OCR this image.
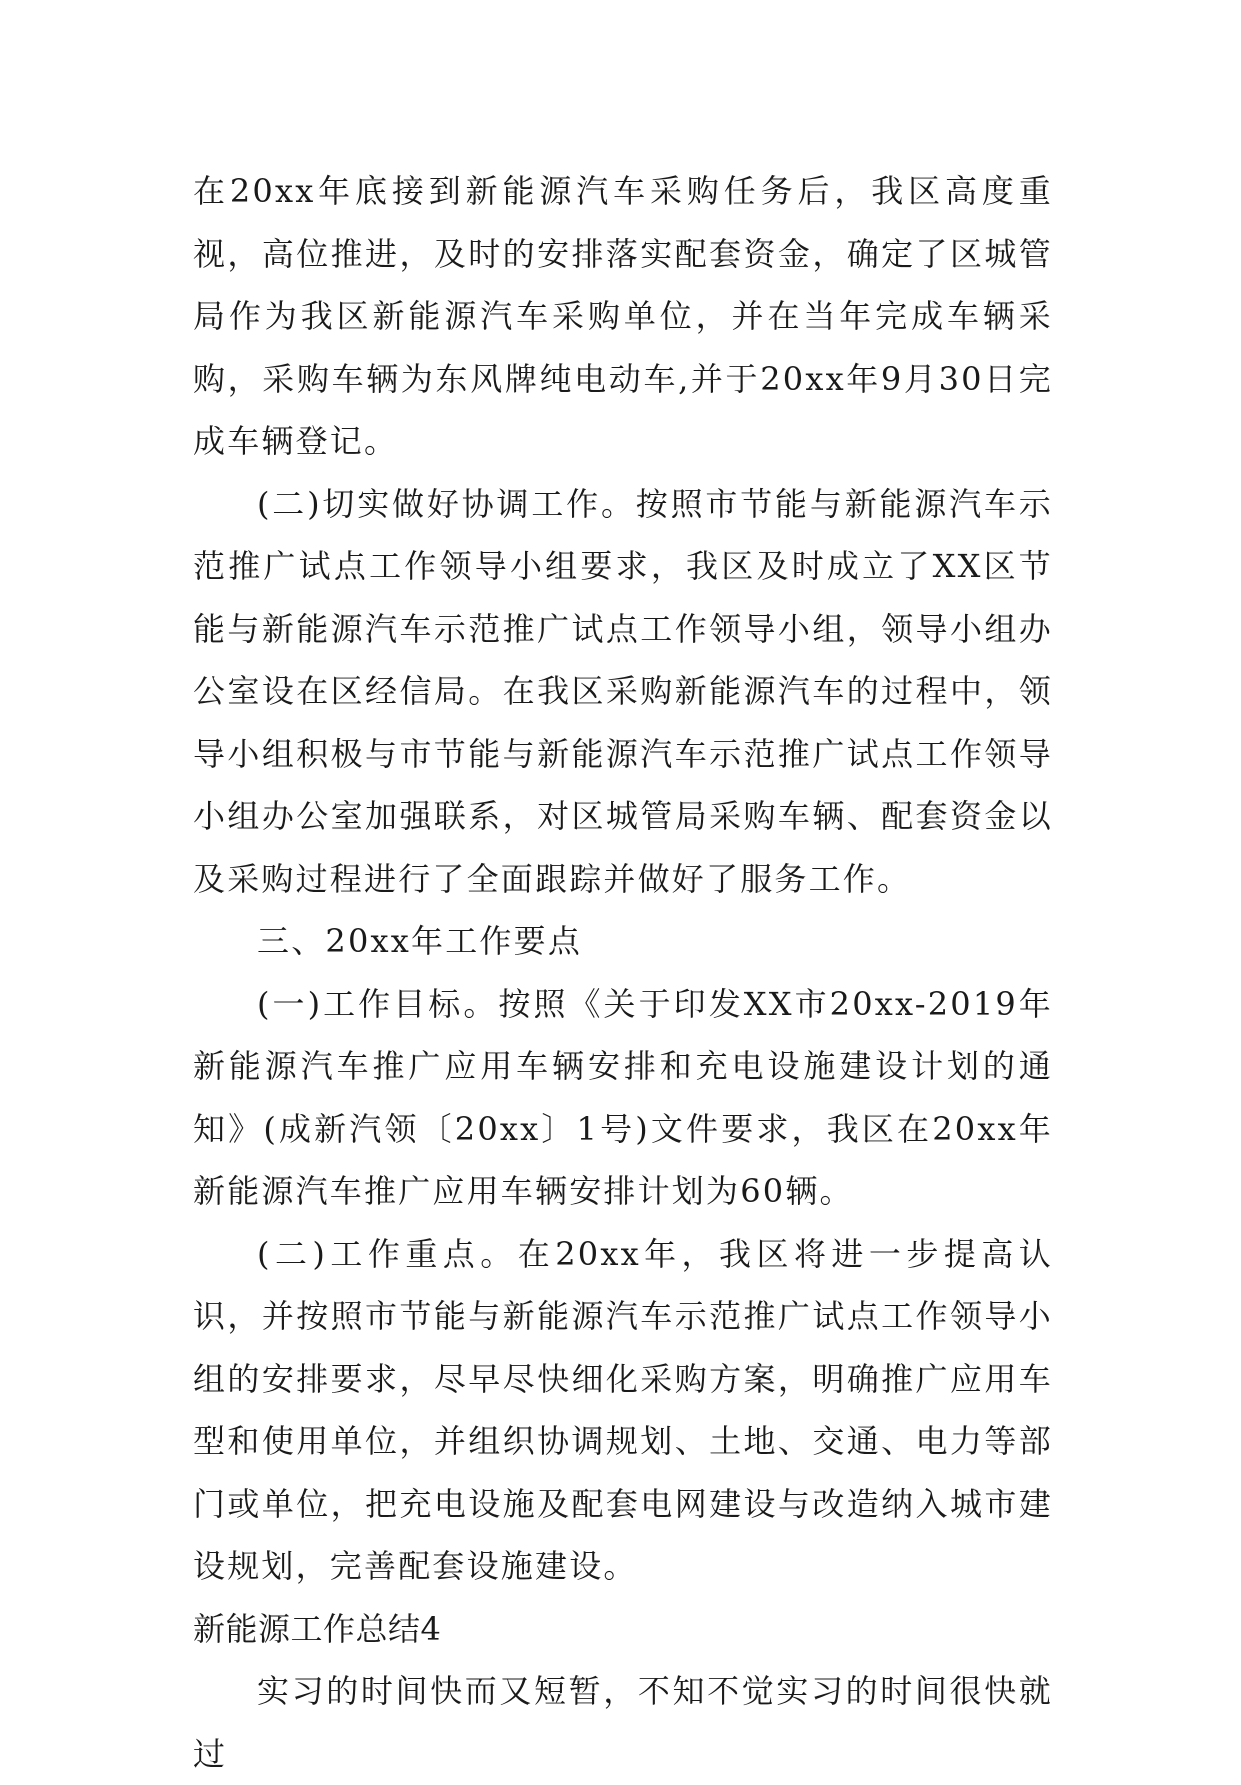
在20xx年底接到新能源汽车采购任务后，我区高度重视，高位推进，及时的安排落实配套资金，确定了区城管局作为我区新能源汽车采购单位，并在当年完成车辆采购，采购车辆为东风牌纯电动车,并于20xx年9月30日完成车辆登记。

(二)切实做好协调工作。按照市节能与新能源汽车示范推广试点工作领导小组要求，我区及时成立了XX区节能与新能源汽车示范推广试点工作领导小组，领导小组办公室设在区经信局。在我区采购新能源汽车的过程中，领导小组积极与市节能与新能源汽车示范推广试点工作领导小组办公室加强联系，对区城管局采购车辆、配套资金以及采购过程进行了全面跟踪并做好了服务工作。

三、20xx年工作要点

(一)工作目标。按照《关于印发XX市20xx-2019年新能源汽车推广应用车辆安排和充电设施建设计划的通知》(成新汽领〔20xx〕1号)文件要求，我区在20xx年新能源汽车推广应用车辆安排计划为60辆。

(二)工作重点。在20xx年，我区将进一步提高认识，并按照市节能与新能源汽车示范推广试点工作领导小组的安排要求，尽早尽快细化采购方案，明确推广应用车型和使用单位，并组织协调规划、土地、交通、电力等部门或单位，把充电设施及配套电网建设与改造纳入城市建设规划，完善配套设施建设。

新能源工作总结4

实习的时间快而又短暂，不知不觉实习的时间很快就过
